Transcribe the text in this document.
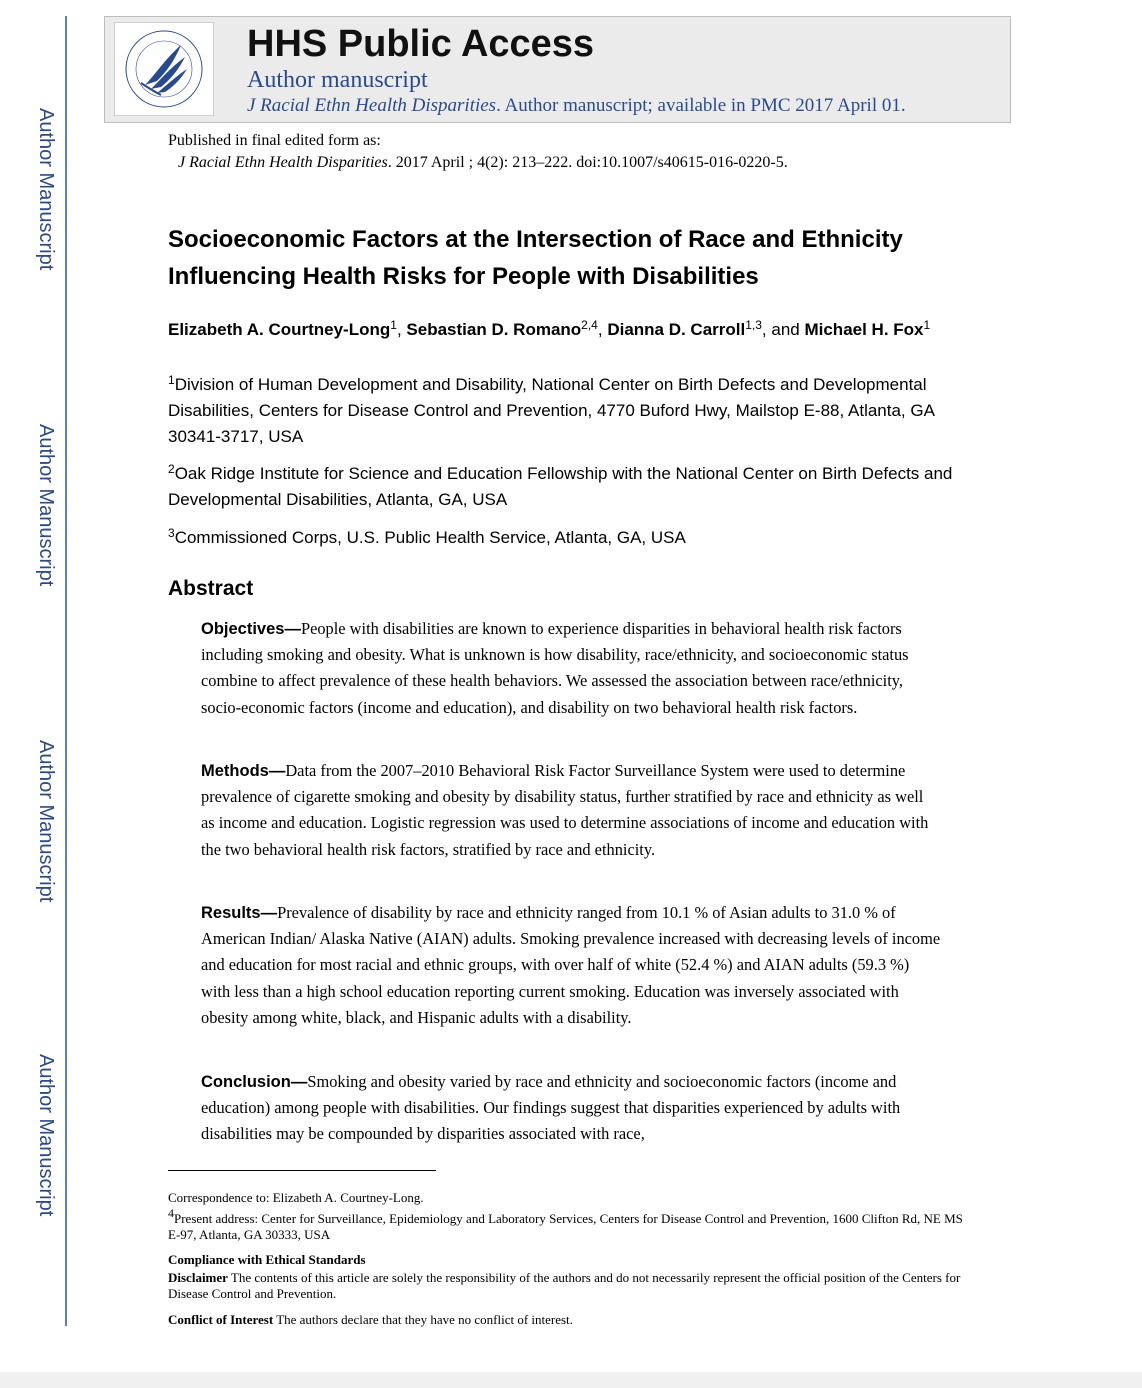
Author Manuscript
Author Manuscript
Author Manuscript
Author Manuscript
HHS Public Access
Author manuscript
J Racial Ethn Health Disparities. Author manuscript; available in PMC 2017 April 01.
Published in final edited form as:
J Racial Ethn Health Disparities. 2017 April ; 4(2): 213–222. doi:10.1007/s40615-016-0220-5.
Socioeconomic Factors at the Intersection of Race and Ethnicity Influencing Health Risks for People with Disabilities
Elizabeth A. Courtney-Long$^1$, Sebastian D. Romano$^{2,4}$, Dianna D. Carroll$^{1,3}$, and Michael H. Fox$^1$
$^1$Division of Human Development and Disability, National Center on Birth Defects and Developmental Disabilities, Centers for Disease Control and Prevention, 4770 Buford Hwy, Mailstop E-88, Atlanta, GA 30341-3717, USA
$^2$Oak Ridge Institute for Science and Education Fellowship with the National Center on Birth Defects and Developmental Disabilities, Atlanta, GA, USA
$^3$Commissioned Corps, U.S. Public Health Service, Atlanta, GA, USA
Abstract
Objectives—People with disabilities are known to experience disparities in behavioral health risk factors including smoking and obesity. What is unknown is how disability, race/ethnicity, and socioeconomic status combine to affect prevalence of these health behaviors. We assessed the association between race/ethnicity, socio-economic factors (income and education), and disability on two behavioral health risk factors.
Methods—Data from the 2007–2010 Behavioral Risk Factor Surveillance System were used to determine prevalence of cigarette smoking and obesity by disability status, further stratified by race and ethnicity as well as income and education. Logistic regression was used to determine associations of income and education with the two behavioral health risk factors, stratified by race and ethnicity.
Results—Prevalence of disability by race and ethnicity ranged from 10.1 % of Asian adults to 31.0 % of American Indian/ Alaska Native (AIAN) adults. Smoking prevalence increased with decreasing levels of income and education for most racial and ethnic groups, with over half of white (52.4 %) and AIAN adults (59.3 %) with less than a high school education reporting current smoking. Education was inversely associated with obesity among white, black, and Hispanic adults with a disability.
Conclusion—Smoking and obesity varied by race and ethnicity and socioeconomic factors (income and education) among people with disabilities. Our findings suggest that disparities experienced by adults with disabilities may be compounded by disparities associated with race,
Correspondence to: Elizabeth A. Courtney-Long.
$^4$Present address: Center for Surveillance, Epidemiology and Laboratory Services, Centers for Disease Control and Prevention, 1600 Clifton Rd, NE MS E-97, Atlanta, GA 30333, USA
Compliance with Ethical Standards
Disclaimer The contents of this article are solely the responsibility of the authors and do not necessarily represent the official position of the Centers for Disease Control and Prevention.
Conflict of Interest The authors declare that they have no conflict of interest.
